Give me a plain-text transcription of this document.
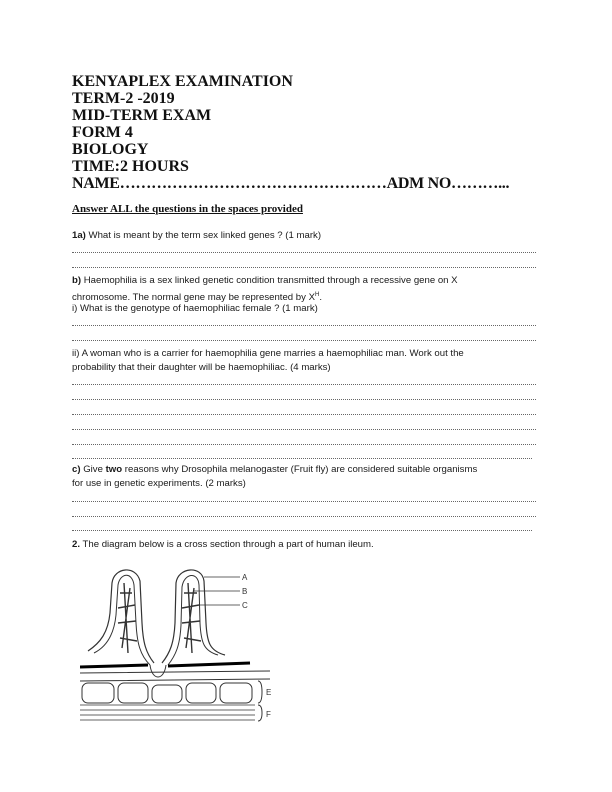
KENYAPLEX EXAMINATION
TERM-2 -2019
MID-TERM EXAM
FORM 4
BIOLOGY
TIME:2 HOURS
NAME……………………………………………ADM NO………...
Answer ALL the questions in the spaces provided
1a) What is meant by the term sex linked genes ? (1 mark)
b) Haemophilia is a sex linked genetic condition transmitted through a recessive gene on X
chromosome. The normal gene may be represented by $X^H$.
i) What is the genotype of haemophiliac female ? (1 mark)
ii) A woman who is a carrier for haemophilia gene marries a haemophiliac man. Work out the
probability that their daughter will be haemophiliac. (4 marks)
c) Give two reasons why Drosophila melanogaster (Fruit fly) are considered suitable organisms
for use in genetic experiments. (2 marks)
2. The diagram below is a cross section through a part of human ileum.
A
B
C
E
F
